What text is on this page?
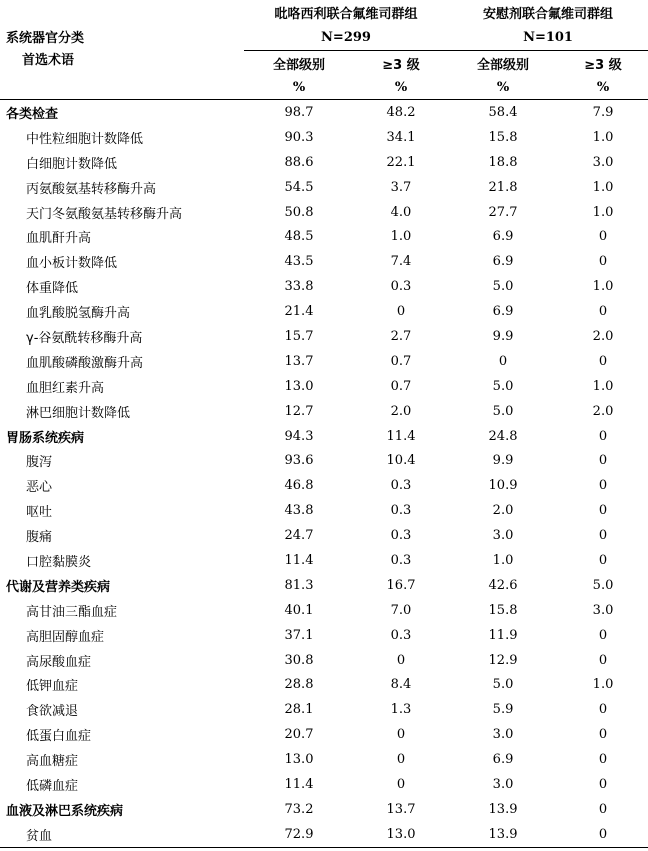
系统器官分类
首选术语	吡咯西利联合氟维司群组		安慰剂联合氟维司群组	
	N=299		N=101	
	全部级别	≥3 级	全部级别	≥3 级
	%	%	%	%
各类检查	98.7	48.2	58.4	7.9
中性粒细胞计数降低	90.3	34.1	15.8	1.0
白细胞计数降低	88.6	22.1	18.8	3.0
丙氨酸氨基转移酶升高	54.5	3.7	21.8	1.0
天门冬氨酸氨基转移酶升高	50.8	4.0	27.7	1.0
血肌酐升高	48.5	1.0	6.9	0
血小板计数降低	43.5	7.4	6.9	0
体重降低	33.8	0.3	5.0	1.0
血乳酸脱氢酶升高	21.4	0	6.9	0
γ-谷氨酰转移酶升高	15.7	2.7	9.9	2.0
血肌酸磷酸激酶升高	13.7	0.7	0	0
血胆红素升高	13.0	0.7	5.0	1.0
淋巴细胞计数降低	12.7	2.0	5.0	2.0
胃肠系统疾病	94.3	11.4	24.8	0
腹泻	93.6	10.4	9.9	0
恶心	46.8	0.3	10.9	0
呕吐	43.8	0.3	2.0	0
腹痛	24.7	0.3	3.0	0
口腔黏膜炎	11.4	0.3	1.0	0
代谢及营养类疾病	81.3	16.7	42.6	5.0
高甘油三酯血症	40.1	7.0	15.8	3.0
高胆固醇血症	37.1	0.3	11.9	0
高尿酸血症	30.8	0	12.9	0
低钾血症	28.8	8.4	5.0	1.0
食欲减退	28.1	1.3	5.9	0
低蛋白血症	20.7	0	3.0	0
高血糖症	13.0	0	6.9	0
低磷血症	11.4	0	3.0	0
血液及淋巴系统疾病	73.2	13.7	13.9	0
贫血	72.9	13.0	13.9	0
